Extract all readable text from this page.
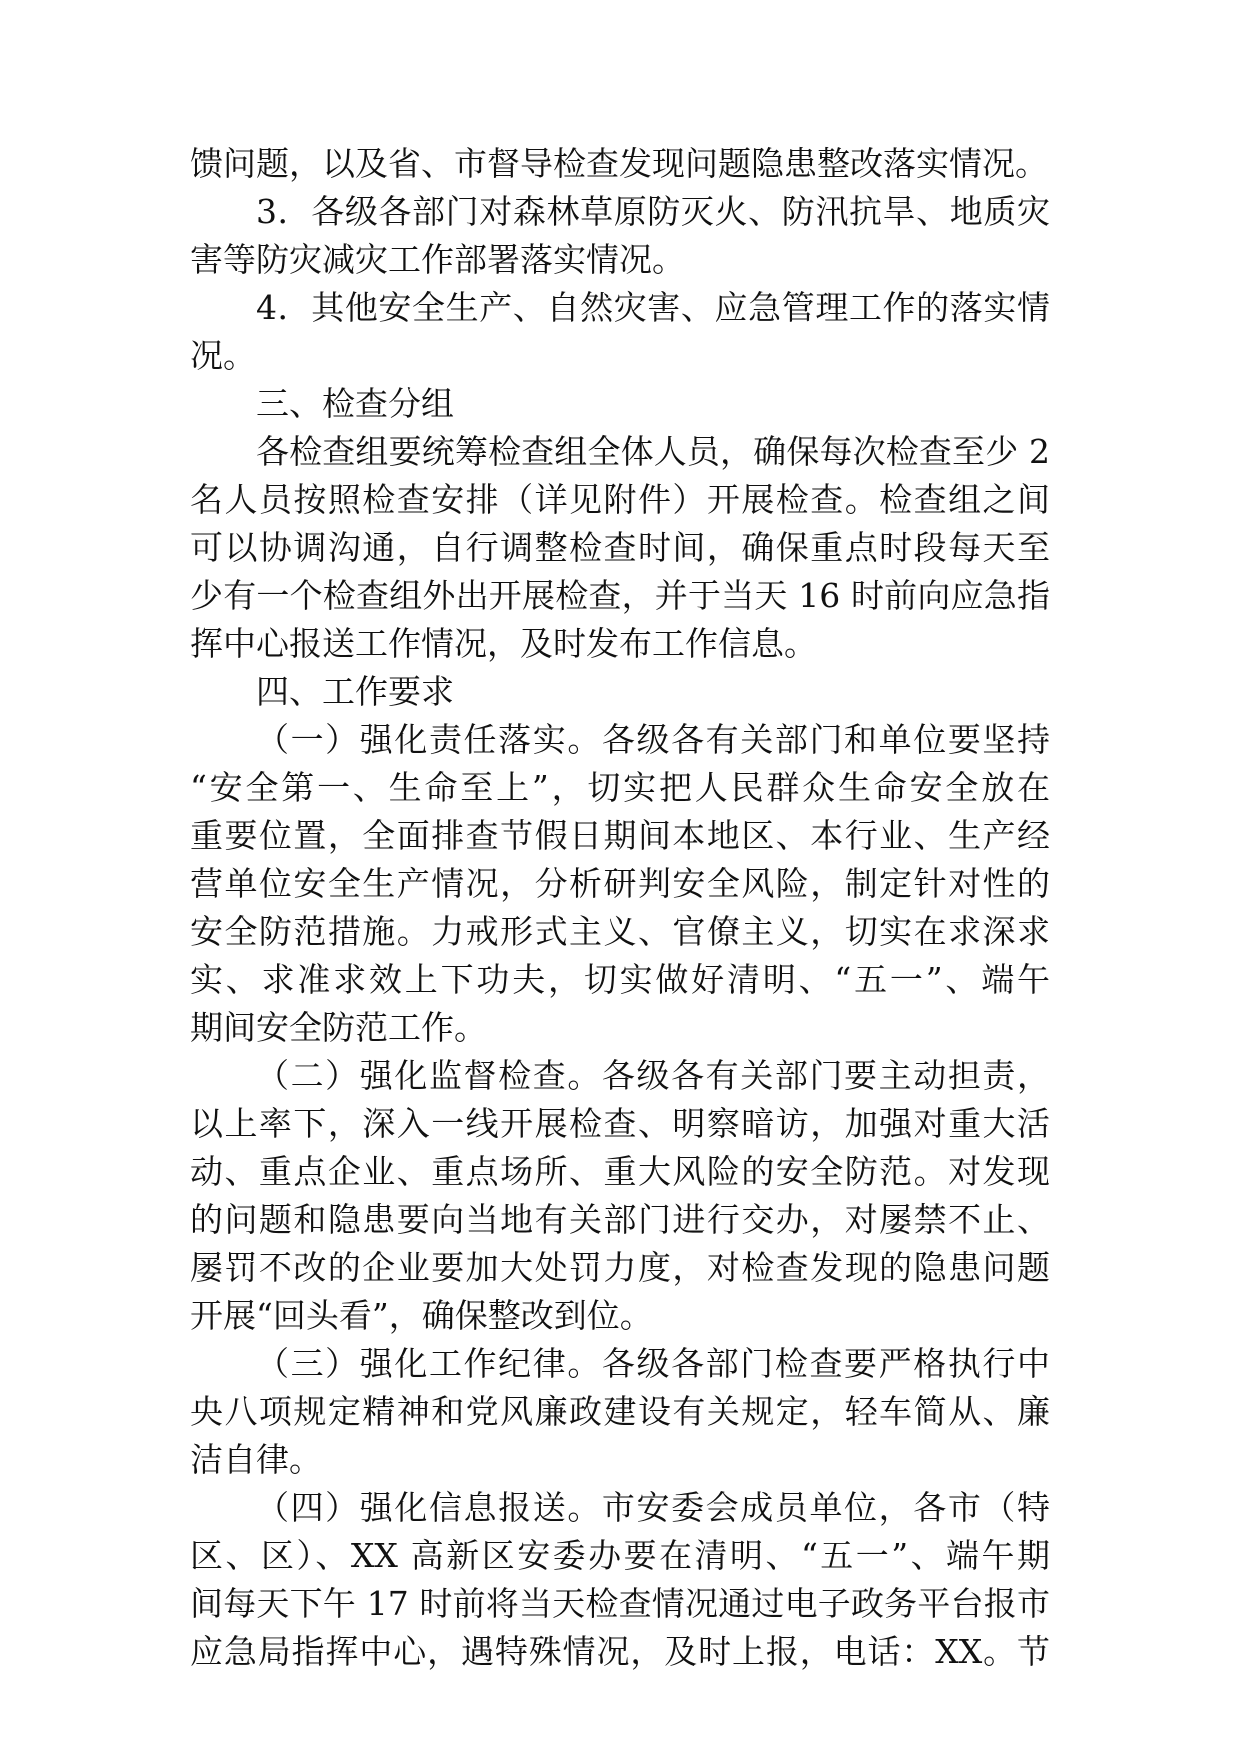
馈问题，以及省、市督导检查发现问题隐患整改落实情况。
3．各级各部门对森林草原防灭火、防汛抗旱、地质灾
害等防灾减灾工作部署落实情况。
4．其他安全生产、自然灾害、应急管理工作的落实情
况。
三、检查分组
各检查组要统筹检查组全体人员，确保每次检查至少 2
名人员按照检查安排（详见附件）开展检查。检查组之间
可以协调沟通，自行调整检查时间，确保重点时段每天至
少有一个检查组外出开展检查，并于当天 16 时前向应急指
挥中心报送工作情况，及时发布工作信息。
四、工作要求
（一）强化责任落实。各级各有关部门和单位要坚持
“安全第一、生命至上”，切实把人民群众生命安全放在
重要位置，全面排查节假日期间本地区、本行业、生产经
营单位安全生产情况，分析研判安全风险，制定针对性的
安全防范措施。力戒形式主义、官僚主义，切实在求深求
实、求准求效上下功夫，切实做好清明、“五一”、端午
期间安全防范工作。
（二）强化监督检查。各级各有关部门要主动担责，
以上率下，深入一线开展检查、明察暗访，加强对重大活
动、重点企业、重点场所、重大风险的安全防范。对发现
的问题和隐患要向当地有关部门进行交办，对屡禁不止、
屡罚不改的企业要加大处罚力度，对检查发现的隐患问题
开展“回头看”，确保整改到位。
（三）强化工作纪律。各级各部门检查要严格执行中
央八项规定精神和党风廉政建设有关规定，轻车简从、廉
洁自律。
（四）强化信息报送。市安委会成员单位，各市（特
区、区）、XX 高新区安委办要在清明、“五一”、端午期
间每天下午 17 时前将当天检查情况通过电子政务平台报市
应急局指挥中心，遇特殊情况，及时上报，电话：XX。节
